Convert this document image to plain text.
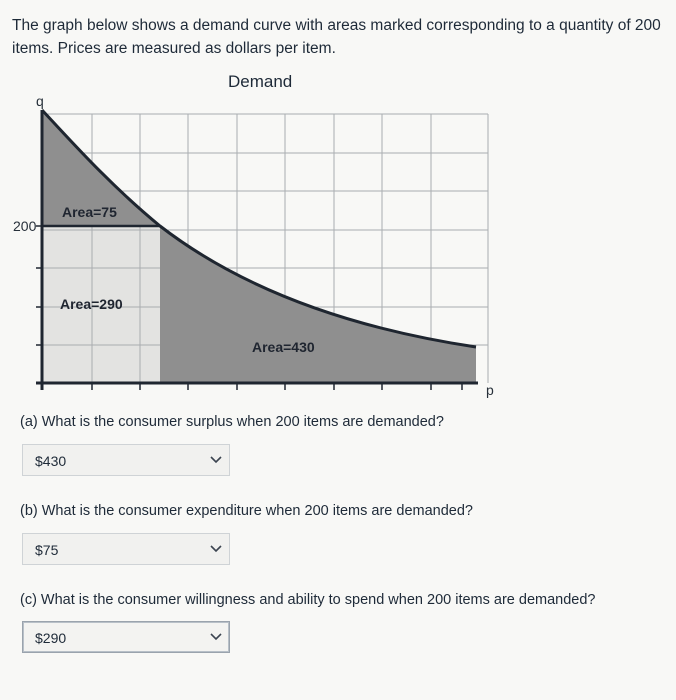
The graph below shows a demand curve with areas marked corresponding to a quantity of 200 items. Prices are measured as dollars per item.
Demand
q
p
200
Area=75
Area=290
Area=430
(a) What is the consumer surplus when 200 items are demanded?
$430
(b) What is the consumer expenditure when 200 items are demanded?
$75
(c) What is the consumer willingness and ability to spend when 200 items are demanded?
$290
